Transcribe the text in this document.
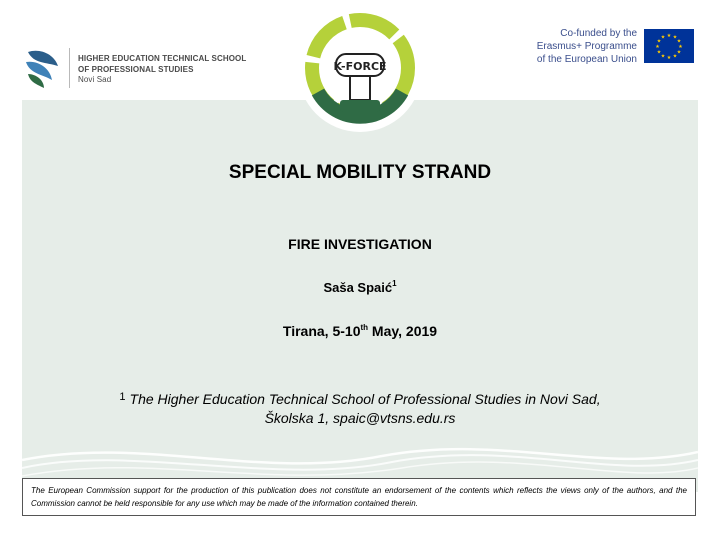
HIGHER EDUCATION TECHNICAL SCHOOL
OF PROFESSIONAL STUDIES
Novi Sad
K-FORCE
Co-funded by the
Erasmus+ Programme
of the European Union
★ ★
★
★
★
★
★
★
★
★
★
★
SPECIAL MOBILITY STRAND
FIRE INVESTIGATION
Saša Spaić$^1$
Tirana, 5-10th May, 2019
$^1$ The Higher Education Technical School of Professional Studies in Novi Sad,
Školska 1, spaic@vtsns.edu.rs
The European Commission support for the production of this publication does not constitute an endorsement of the contents which reflects the views only of the authors, and the Commission cannot be held responsible for any use which may be made of the information contained therein.
